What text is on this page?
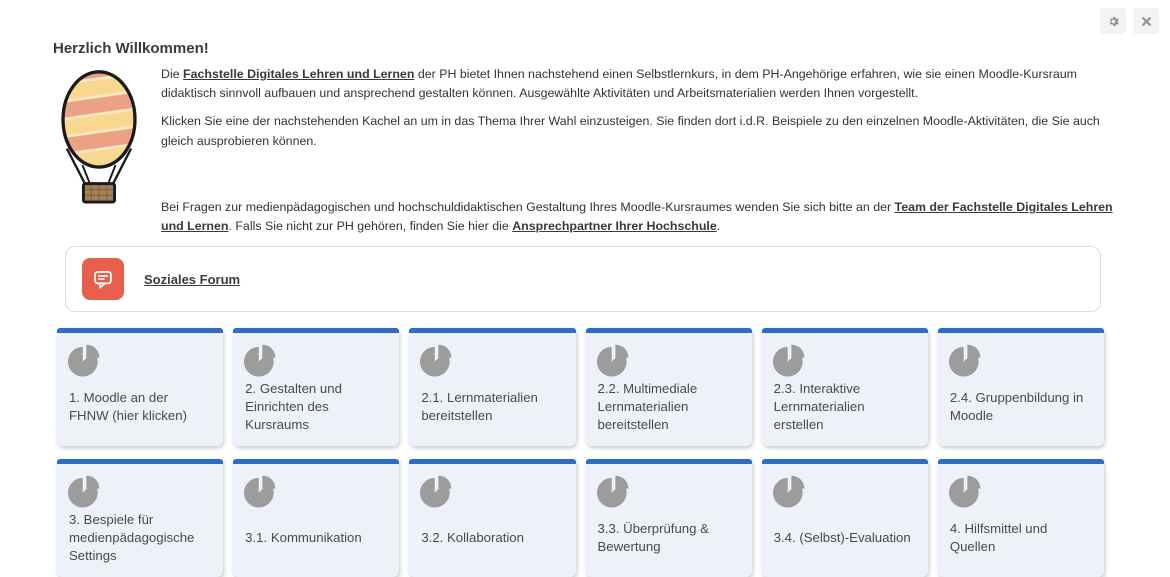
Herzlich Willkommen!

Die Fachstelle Digitales Lehren und Lernen der PH bietet Ihnen nachstehend einen Selbstlernkurs, in dem PH-Angehörige erfahren, wie sie einen Moodle-Kursraum didaktisch sinnvoll aufbauen und ansprechend gestalten können. Ausgewählte Aktivitäten und Arbeitsmaterialien werden Ihnen vorgestellt.

Klicken Sie eine der nachstehenden Kachel an um in das Thema Ihrer Wahl einzusteigen. Sie finden dort i.d.R. Beispiele zu den einzelnen Moodle-Aktivitäten, die Sie auch gleich ausprobieren können.

Bei Fragen zur medienpädagogischen und hochschuldidaktischen Gestaltung Ihres Moodle-Kursraumes wenden Sie sich bitte an der Team der Fachstelle Digitales Lehren und Lernen. Falls Sie nicht zur PH gehören, finden Sie hier die Ansprechpartner Ihrer Hochschule.

Soziales Forum
1. Moodle an der FHNW (hier klicken)
2. Gestalten und Einrichten des Kursraums
2.1. Lernmaterialien bereitstellen
2.2. Multimediale Lernmaterialien bereitstellen
2.3. Interaktive Lernmaterialien erstellen
2.4. Gruppenbildung in Moodle
3. Bespiele für medienpädagogische Settings
3.1. Kommunikation	3.2. Kollaboration
3.3. Überprüfung & Bewertung
3.4. (Selbst)-Evaluation
4. Hilfsmittel und Quellen
